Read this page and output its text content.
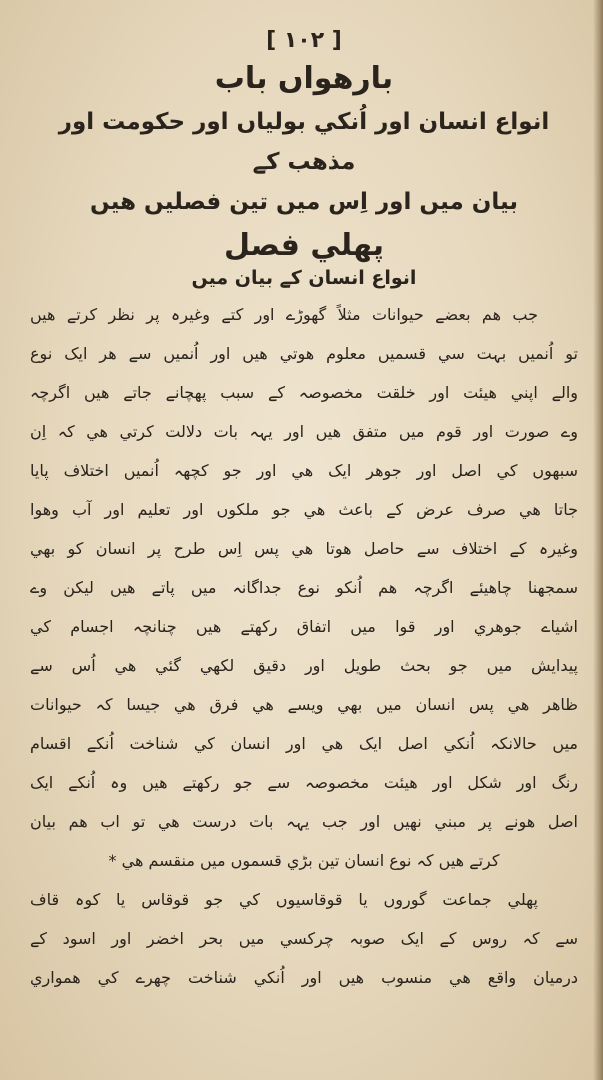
[ ۱۰۲ ]
بارھواں باب
انواع انسان اور اُنکي بولياں اور حکومت اور مذھب کے
بيان ميں اور اِس ميں تين فصليں ھيں
پھلي فصل
انواع انسان کے بيان ميں
جب ھم بعضے حيوانات مثلاً گھوڑے اور کتے وغيرہ پر نظر کرتے ھيں
تو اُنميں بہت سي قسميں معلوم ھوتي ھيں اور اُنميں سے ھر ايک نوع
والے اپني ھيئت اور خلقت مخصوصہ کے سبب پھچانے جاتے ھيں اگرچہ
وے صورت اور قوم ميں متفق ھيں اور يہہ بات دلالت کرتي ھي کہ اِن
سبھوں کي اصل اور جوھر ايک ھي اور جو کچھہ اُنميں اختلاف پايا
جاتا ھي صرف عرض کے باعث ھي جو ملکوں اور تعليم اور آب وھوا
وغيرہ کے اختلاف سے حاصل ھوتا ھي پس اِس طرح پر انسان کو بھي
سمجھنا چاھيئے اگرچہ ھم اُنکو نوع جداگانہ ميں پاتے ھيں ليکن وے
اشياے جوھري اور قوا ميں اتفاق رکھتے ھيں چنانچہ اجسام کي
پيدايش ميں جو بحث طويل اور دقيق لکھي گئي ھي اُس سے
ظاھر ھي پس انسان ميں بھي ويسے ھي فرق ھي جيسا کہ حيوانات
ميں حالانکہ اُنکي اصل ايک ھي اور انسان کي شناخت اُنکے اقسام
رنگ اور شکل اور ھيئت مخصوصہ سے جو رکھتے ھيں وہ اُنکے ايک
اصل ھونے پر مبني نھيں اور جب يہہ بات درست ھي تو اب ھم بيان
کرتے ھيں کہ نوع انسان تين بڑي قسموں ميں منقسم ھي *
پھلي جماعت گوروں يا قوقاسيوں کي جو قوقاس يا کوہ قاف
سے کہ روس کے ايک صوبہ چرکسي ميں بحر اخضر اور اسود کے
درميان واقع ھي منسوب ھيں اور اُنکي شناخت چھرے کي ھمواري
